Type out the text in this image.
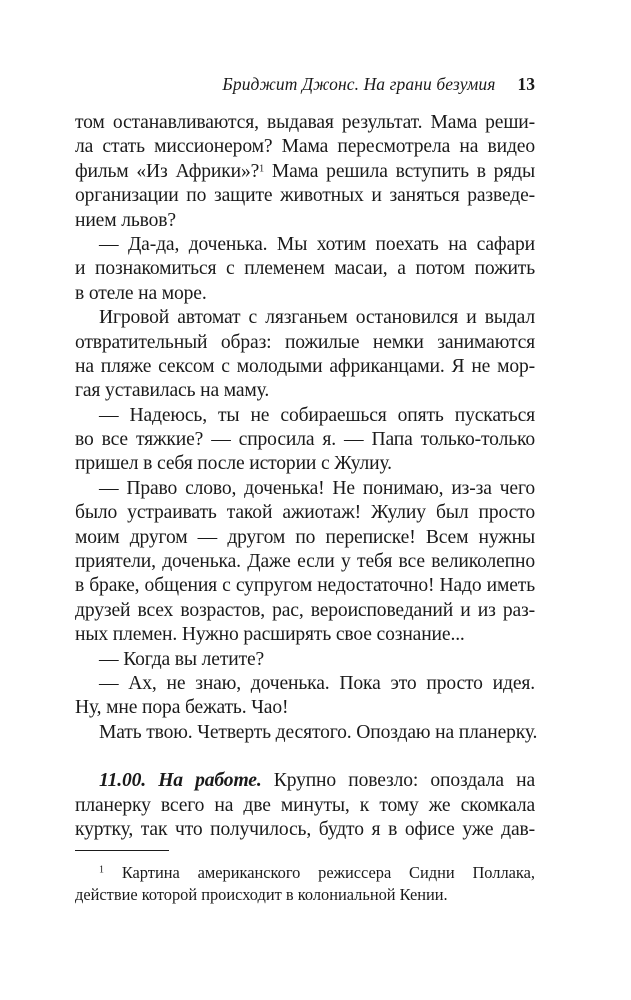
Бриджит Джонс. На грани безумия 13
том останавливаются, выдавая результат. Мама реши-
ла стать миссионером? Мама пересмотрела на видео
фильм «Из Африки»?$^1$ Мама решила вступить в ряды
организации по защите животных и заняться разведе-
нием львов?
— Да-да, доченька. Мы хотим поехать на сафари
и познакомиться с племенем масаи, а потом пожить
в отеле на море.
Игровой автомат с лязганьем остановился и выдал
отвратительный образ: пожилые немки занимаются
на пляже сексом с молодыми африканцами. Я не мор-
гая уставилась на маму.
— Надеюсь, ты не собираешься опять пускаться
во все тяжкие? — спросила я. — Папа только-только
пришел в себя после истории с Жулиу.
— Право слово, доченька! Не понимаю, из-за чего
было устраивать такой ажиотаж! Жулиу был просто
моим другом — другом по переписке! Всем нужны
приятели, доченька. Даже если у тебя все великолепно
в браке, общения с супругом недостаточно! Надо иметь
друзей всех возрастов, рас, вероисповеданий и из раз-
ных племен. Нужно расширять свое сознание...
— Когда вы летите?
— Ах, не знаю, доченька. Пока это просто идея.
Ну, мне пора бежать. Чао!
Мать твою. Четверть десятого. Опоздаю на планерку.
11.00. На работе. Крупно повезло: опоздала на
планерку всего на две минуты, к тому же скомкала
куртку, так что получилось, будто я в офисе уже дав-
$^1$ Картина американского режиссера Сидни Поллака,
действие которой происходит в колониальной Кении.
